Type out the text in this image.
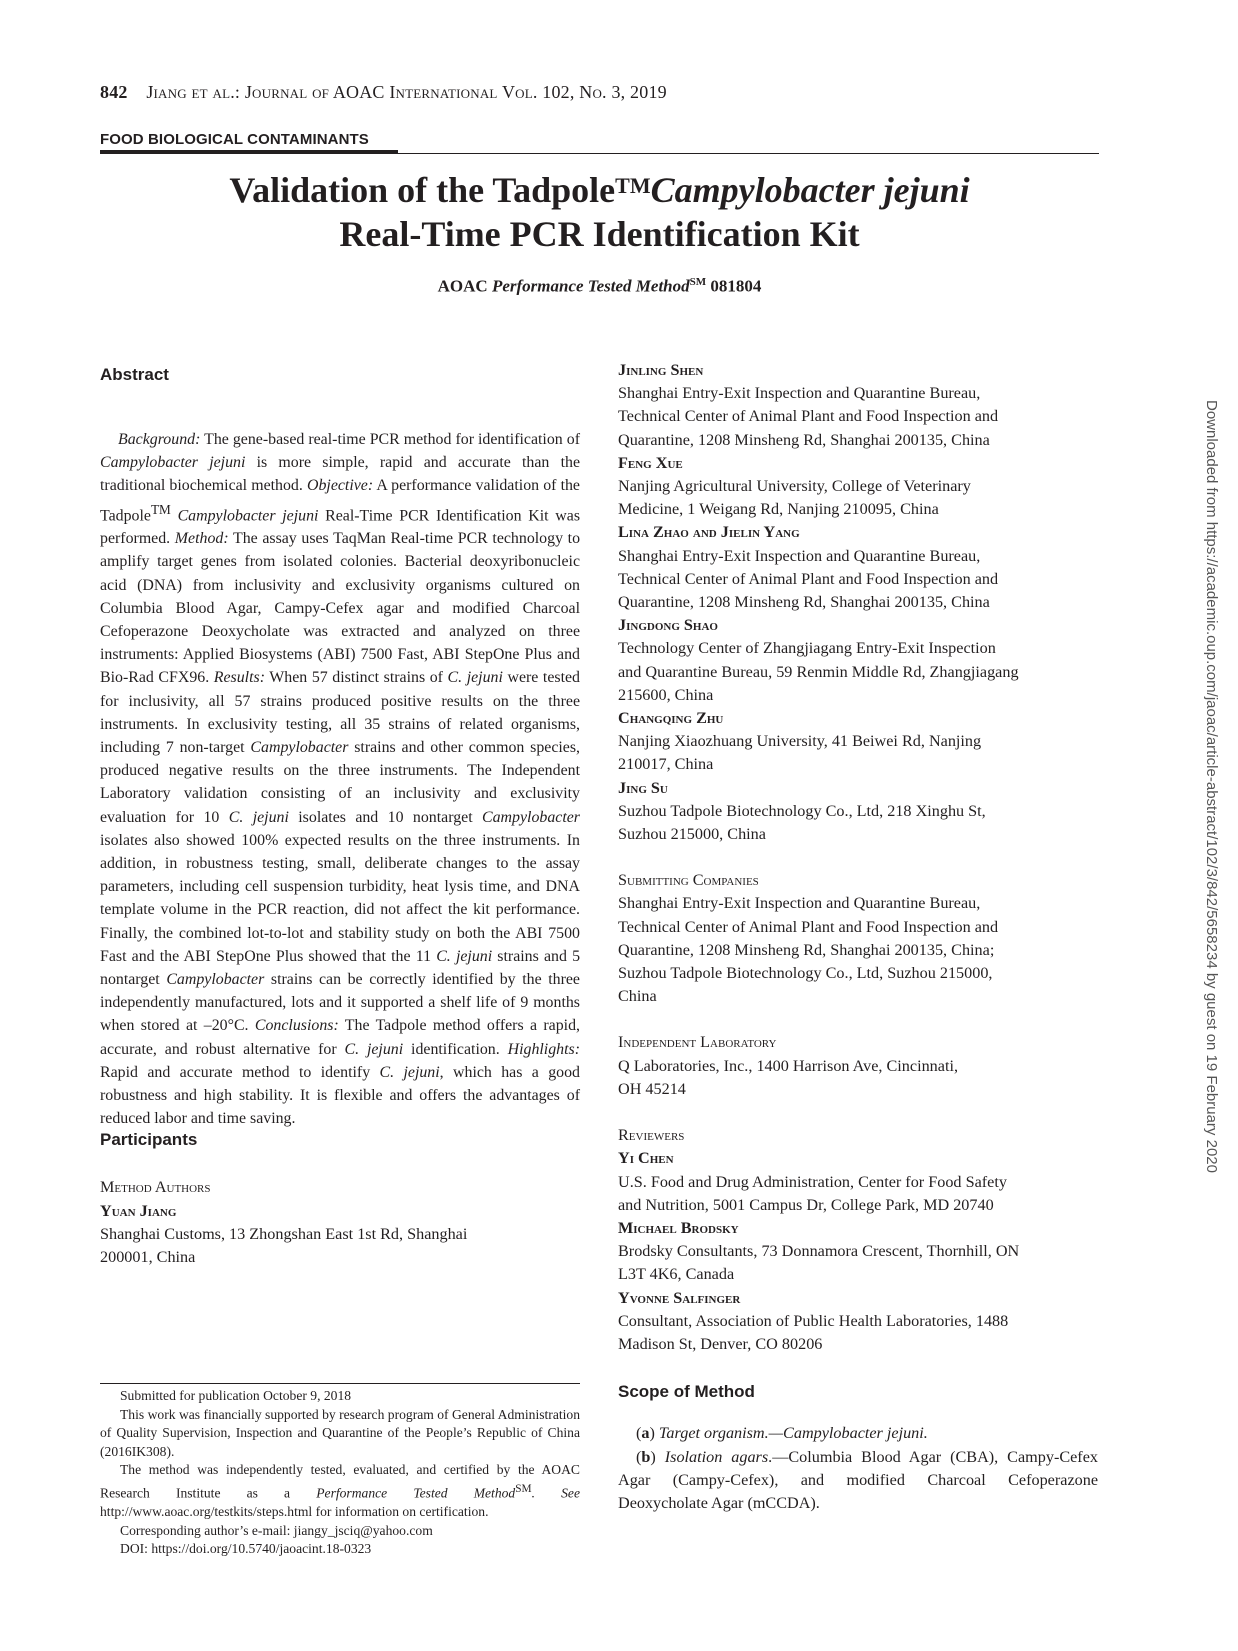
842 Jiang et al.: Journal of AOAC International Vol. 102, No. 3, 2019
FOOD BIOLOGICAL CONTAMINANTS
Validation of the Tadpole™Campylobacter jejuni
Real-Time PCR Identification Kit
AOAC Performance Tested Method℠ 081804
Abstract

Background: The gene-based real-time PCR method for identification of Campylobacter jejuni is more simple, rapid and accurate than the traditional biochemical method. Objective: A performance validation of the Tadpole™ Campylobacter jejuni Real-Time PCR Identification Kit was performed. Method: The assay uses TaqMan Real-time PCR technology to amplify target genes from isolated colonies. Bacterial deoxyribonucleic acid (DNA) from inclusivity and exclusivity organisms cultured on Columbia Blood Agar, Campy-Cefex agar and modified Charcoal Cefoperazone Deoxycholate was extracted and analyzed on three instruments: Applied Biosystems (ABI) 7500 Fast, ABI StepOne Plus and Bio-Rad CFX96. Results: When 57 distinct strains of C. jejuni were tested for inclusivity, all 57 strains produced positive results on the three instruments. In exclusivity testing, all 35 strains of related organisms, including 7 non-target Campylobacter strains and other common species, produced negative results on the three instruments. The Independent Laboratory validation consisting of an inclusivity and exclusivity evaluation for 10 C. jejuni isolates and 10 nontarget Campylobacter isolates also showed 100% expected results on the three instruments. In addition, in robustness testing, small, deliberate changes to the assay parameters, including cell suspension turbidity, heat lysis time, and DNA template volume in the PCR reaction, did not affect the kit performance. Finally, the combined lot-to-lot and stability study on both the ABI 7500 Fast and the ABI StepOne Plus showed that the 11 C. jejuni strains and 5 nontarget Campylobacter strains can be correctly identified by the three independently manufactured, lots and it supported a shelf life of 9 months when stored at –20°C. Conclusions: The Tadpole method offers a rapid, accurate, and robust alternative for C. jejuni identification. Highlights: Rapid and accurate method to identify C. jejuni, which has a good robustness and high stability. It is flexible and offers the advantages of reduced labor and time saving.

Participants
Method Authors
Yuan Jiang
Shanghai Customs, 13 Zhongshan East 1st Rd, Shanghai
200001, China

Submitted for publication October 9, 2018

This work was financially supported by research program of General Administration of Quality Supervision, Inspection and Quarantine of the People’s Republic of China (2016IK308).

The method was independently tested, evaluated, and certified by the AOAC Research Institute as a Performance Tested Method℠. See http://www.aoac.org/testkits/steps.html for information on certification.

Corresponding author’s e-mail: jiangy_jsciq@yahoo.com

DOI: https://doi.org/10.5740/jaoacint.18-0323

Jinling Shen
Shanghai Entry-Exit Inspection and Quarantine Bureau,
Technical Center of Animal Plant and Food Inspection and
Quarantine, 1208 Minsheng Rd, Shanghai 200135, China
Feng Xue
Nanjing Agricultural University, College of Veterinary
Medicine, 1 Weigang Rd, Nanjing 210095, China
Lina Zhao and Jielin Yang
Shanghai Entry-Exit Inspection and Quarantine Bureau,
Technical Center of Animal Plant and Food Inspection and
Quarantine, 1208 Minsheng Rd, Shanghai 200135, China
Jingdong Shao
Technology Center of Zhangjiagang Entry-Exit Inspection
and Quarantine Bureau, 59 Renmin Middle Rd, Zhangjiagang
215600, China
Changqing Zhu
Nanjing Xiaozhuang University, 41 Beiwei Rd, Nanjing
210017, China
Jing Su
Suzhou Tadpole Biotechnology Co., Ltd, 218 Xinghu St,
Suzhou 215000, China
Submitting Companies
Shanghai Entry-Exit Inspection and Quarantine Bureau,
Technical Center of Animal Plant and Food Inspection and
Quarantine, 1208 Minsheng Rd, Shanghai 200135, China;
Suzhou Tadpole Biotechnology Co., Ltd, Suzhou 215000,
China
Independent Laboratory
Q Laboratories, Inc., 1400 Harrison Ave, Cincinnati,
OH 45214
Reviewers
Yi Chen
U.S. Food and Drug Administration, Center for Food Safety
and Nutrition, 5001 Campus Dr, College Park, MD 20740
Michael Brodsky
Brodsky Consultants, 73 Donnamora Crescent, Thornhill, ON
L3T 4K6, Canada
Yvonne Salfinger
Consultant, Association of Public Health Laboratories, 1488
Madison St, Denver, CO 80206
Scope of Method

(a) Target organism.—Campylobacter jejuni.

(b) Isolation agars.—Columbia Blood Agar (CBA), Campy-Cefex Agar (Campy-Cefex), and modified Charcoal Cefoperazone Deoxycholate Agar (mCCDA).

Downloaded from https://academic.oup.com/jaoac/article-abstract/102/3/842/5658234 by guest on 19 February 2020
